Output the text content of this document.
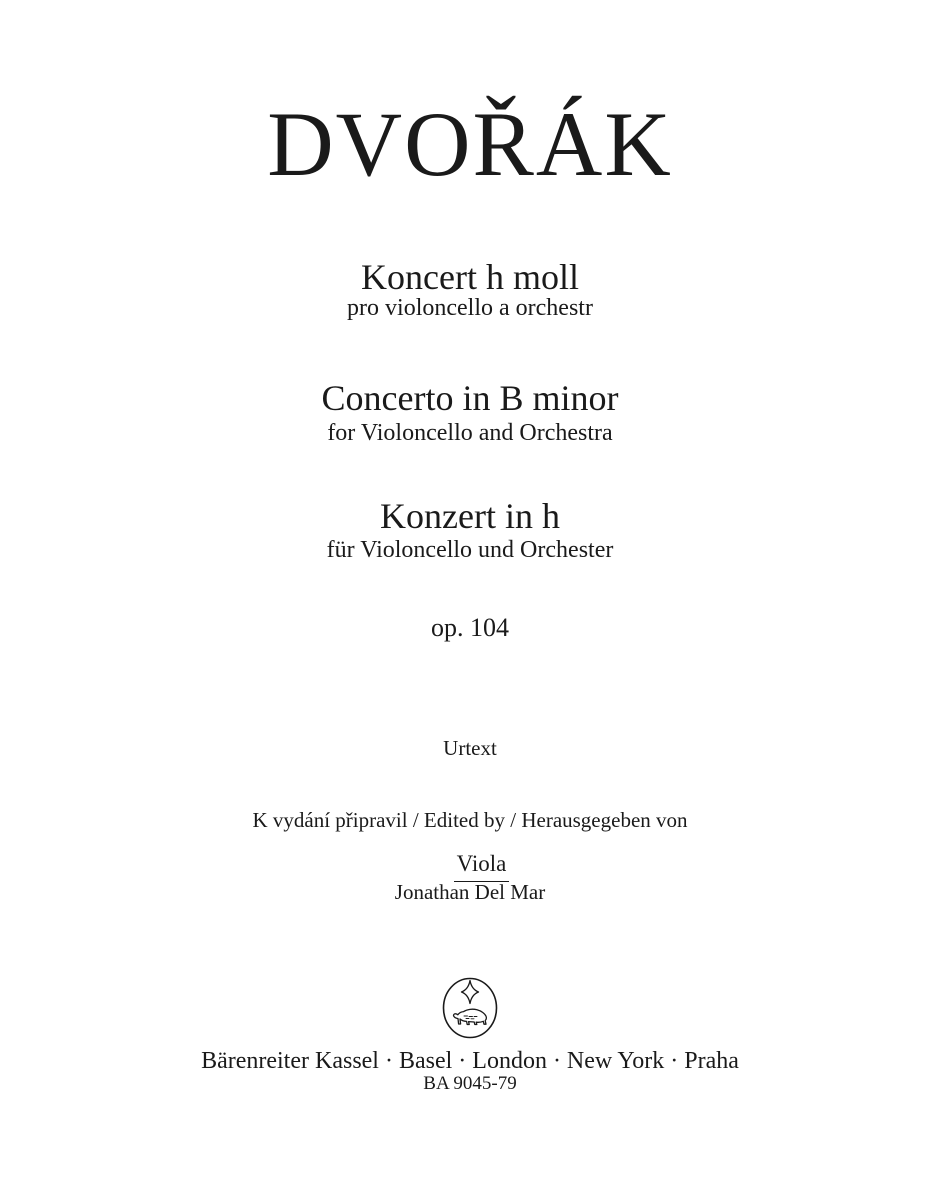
DVOŘÁK
Koncert h moll
pro violoncello a orchestr
Concerto in B minor
for Violoncello and Orchestra
Konzert in h
für Violoncello und Orchester
op. 104

Urtext

K vydání připravil / Edited by / Herausgegeben von

Jonathan Del Mar

Viola

Bärenreiter Kassel · Basel · London · New York · Praha
BA 9045-79
